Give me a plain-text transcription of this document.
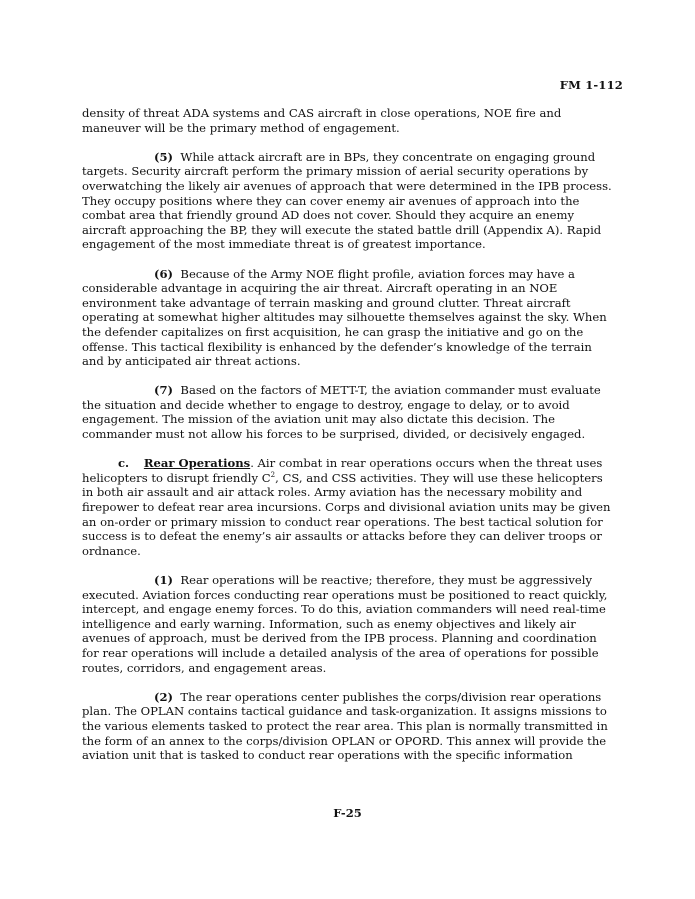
FM 1-112

density of threat ADA systems and CAS aircraft in close operations, NOE fire and maneuver will be the primary method of engagement.

(5) While attack aircraft are in BPs, they concentrate on engaging ground targets. Security aircraft perform the primary mission of aerial security operations by overwatching the likely air avenues of approach that were determined in the IPB process. They occupy positions where they can cover enemy air avenues of approach into the combat area that friendly ground AD does not cover. Should they acquire an enemy aircraft approaching the BP, they will execute the stated battle drill (Appendix A). Rapid engagement of the most immediate threat is of greatest importance.

(6) Because of the Army NOE flight profile, aviation forces may have a considerable advantage in acquiring the air threat. Aircraft operating in an NOE environment take advantage of terrain masking and ground clutter. Threat aircraft operating at somewhat higher altitudes may silhouette themselves against the sky. When the defender capitalizes on first acquisition, he can grasp the initiative and go on the offense. This tactical flexibility is enhanced by the defender’s knowledge of the terrain and by anticipated air threat actions.

(7) Based on the factors of METT-T, the aviation commander must evaluate the situation and decide whether to engage to destroy, engage to delay, or to avoid engagement. The mission of the aviation unit may also dictate this decision. The commander must not allow his forces to be surprised, divided, or decisively engaged.

c. Rear Operations. Air combat in rear operations occurs when the threat uses helicopters to disrupt friendly $C^2$, CS, and CSS activities. They will use these helicopters in both air assault and air attack roles. Army aviation has the necessary mobility and firepower to defeat rear area incursions. Corps and divisional aviation units may be given an on-order or primary mission to conduct rear operations. The best tactical solution for success is to defeat the enemy’s air assaults or attacks before they can deliver troops or ordnance.

(1) Rear operations will be reactive; therefore, they must be aggressively executed. Aviation forces conducting rear operations must be positioned to react quickly, intercept, and engage enemy forces. To do this, aviation commanders will need real-time intelligence and early warning. Information, such as enemy objectives and likely air avenues of approach, must be derived from the IPB process. Planning and coordination for rear operations will include a detailed analysis of the area of operations for possible routes, corridors, and engagement areas.

(2) The rear operations center publishes the corps/division rear operations plan. The OPLAN contains tactical guidance and task-organization. It assigns missions to the various elements tasked to protect the rear area. This plan is normally transmitted in the form of an annex to the corps/division OPLAN or OPORD. This annex will provide the aviation unit that is tasked to conduct rear operations with the specific information

F-25
